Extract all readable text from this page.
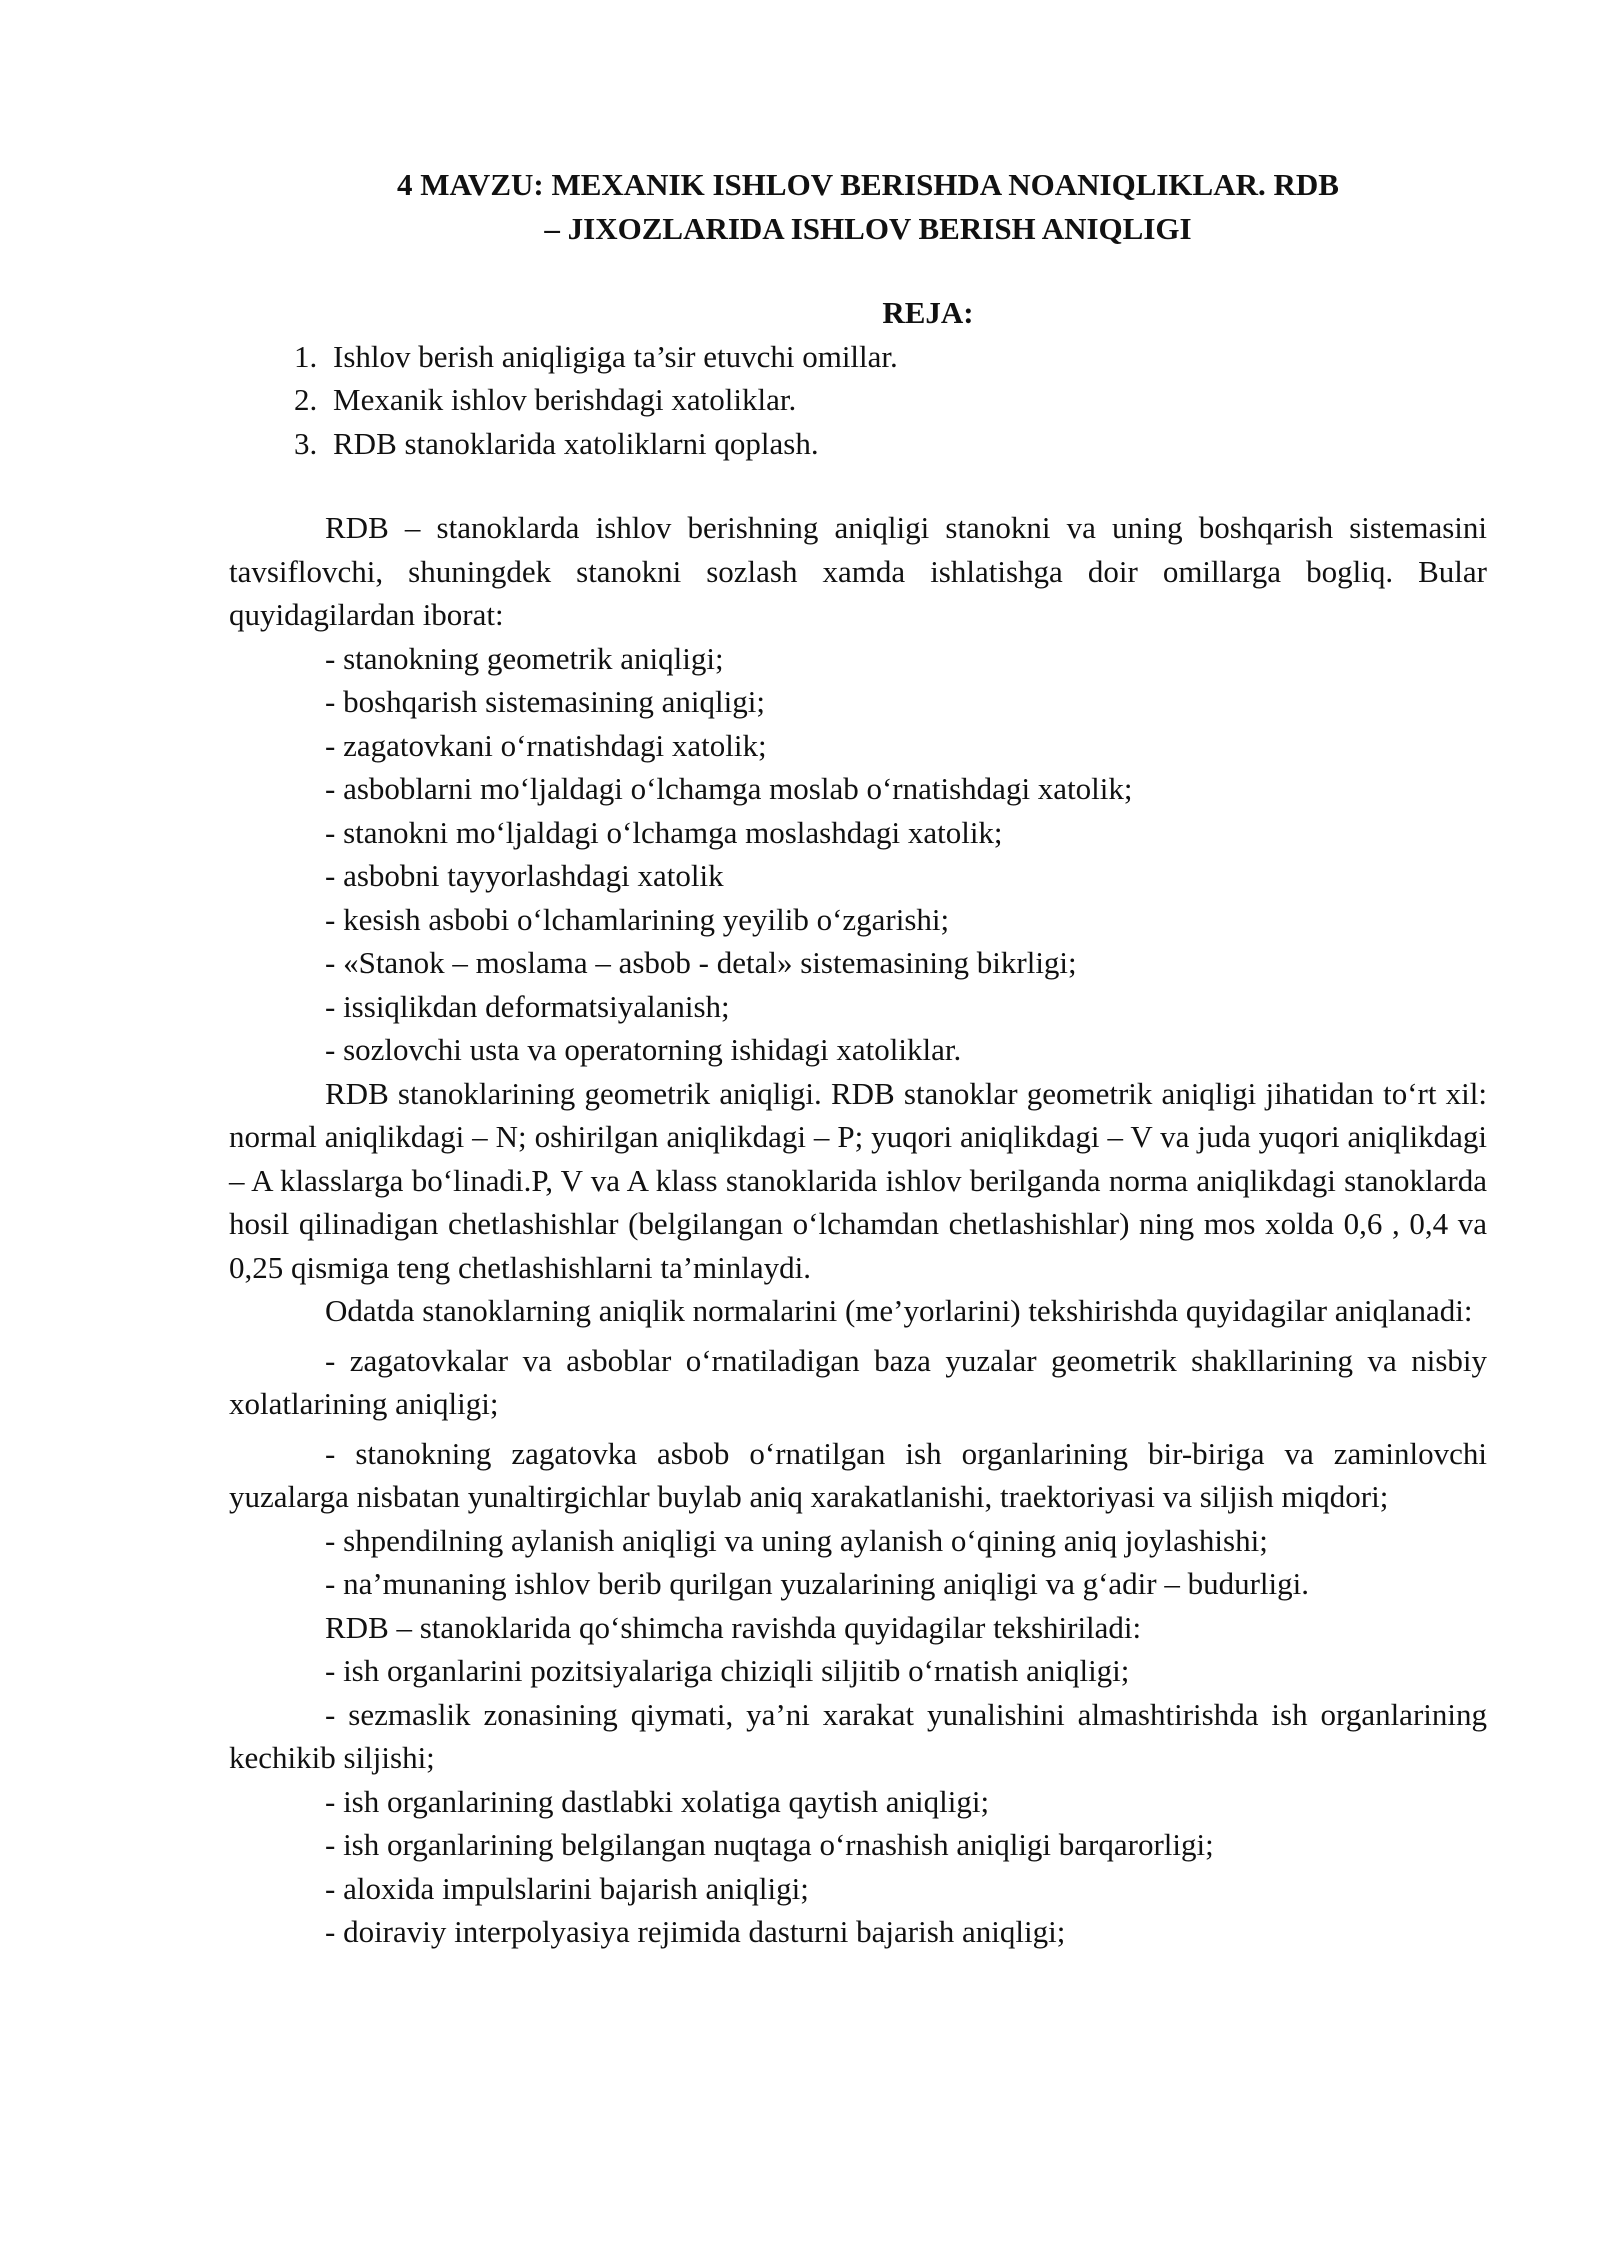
4 MAVZU: MEXANIK ISHLOV BERISHDA NOANIQLIKLAR. RDB

– JIXOZLARIDA ISHLOV BERISH ANIQLIGI

REJA:

1. Ishlov berish aniqligiga ta’sir etuvchi omillar.
2. Mexanik ishlov berishdagi xatoliklar.
3. RDB stanoklarida xatoliklarni qoplash.

RDB – stanoklarda ishlov berishning aniqligi stanokni va uning boshqarish sistemasini tavsiflovchi, shuningdek stanokni sozlash xamda ishlatishga doir omillarga bogliq. Bular quyidagilardan iborat:

- stanokning geometrik aniqligi;

- boshqarish sistemasining aniqligi;

- zagatovkani o‘rnatishdagi xatolik;

- asboblarni mo‘ljaldagi o‘lchamga moslab o‘rnatishdagi xatolik;

- stanokni mo‘ljaldagi o‘lchamga moslashdagi xatolik;

- asbobni tayyorlashdagi xatolik

- kesish asbobi o‘lchamlarining yeyilib o‘zgarishi;

- «Stanok – moslama – asbob - detal» sistemasining bikrligi;

- issiqlikdan deformatsiyalanish;

- sozlovchi usta va operatorning ishidagi xatoliklar.

RDB stanoklarining geometrik aniqligi. RDB stanoklar geometrik aniqligi jihatidan to‘rt xil: normal aniqlikdagi – N; oshirilgan aniqlikdagi – P; yuqori aniqlikdagi – V va juda yuqori aniqlikdagi – A klasslarga bo‘linadi.P, V va A klass stanoklarida ishlov berilganda norma aniqlikdagi stanoklarda hosil qilinadigan chetlashishlar (belgilangan o‘lchamdan chetlashishlar) ning mos xolda 0,6 , 0,4 va 0,25 qismiga teng chetlashishlarni ta’minlaydi.

Odatda stanoklarning aniqlik normalarini (me’yorlarini) tekshirishda quyidagilar aniqlanadi:

- zagatovkalar va asboblar o‘rnatiladigan baza yuzalar geometrik shakllarining va nisbiy xolatlarining aniqligi;

- stanokning zagatovka asbob o‘rnatilgan ish organlarining bir-biriga va zaminlovchi yuzalarga nisbatan yunaltirgichlar buylab aniq xarakatlanishi, traektoriyasi va siljish miqdori;

- shpendilning aylanish aniqligi va uning aylanish o‘qining aniq joylashishi;

- na’munaning ishlov berib qurilgan yuzalarining aniqligi va g‘adir – budurligi.

RDB – stanoklarida qo‘shimcha ravishda quyidagilar tekshiriladi:

- ish organlarini pozitsiyalariga chiziqli siljitib o‘rnatish aniqligi;

- sezmaslik zonasining qiymati, ya’ni xarakat yunalishini almashtirishda ish organlarining kechikib siljishi;

- ish organlarining dastlabki xolatiga qaytish aniqligi;

- ish organlarining belgilangan nuqtaga o‘rnashish aniqligi barqarorligi;

- aloxida impulslarini bajarish aniqligi;

- doiraviy interpolyasiya rejimida dasturni bajarish aniqligi;
